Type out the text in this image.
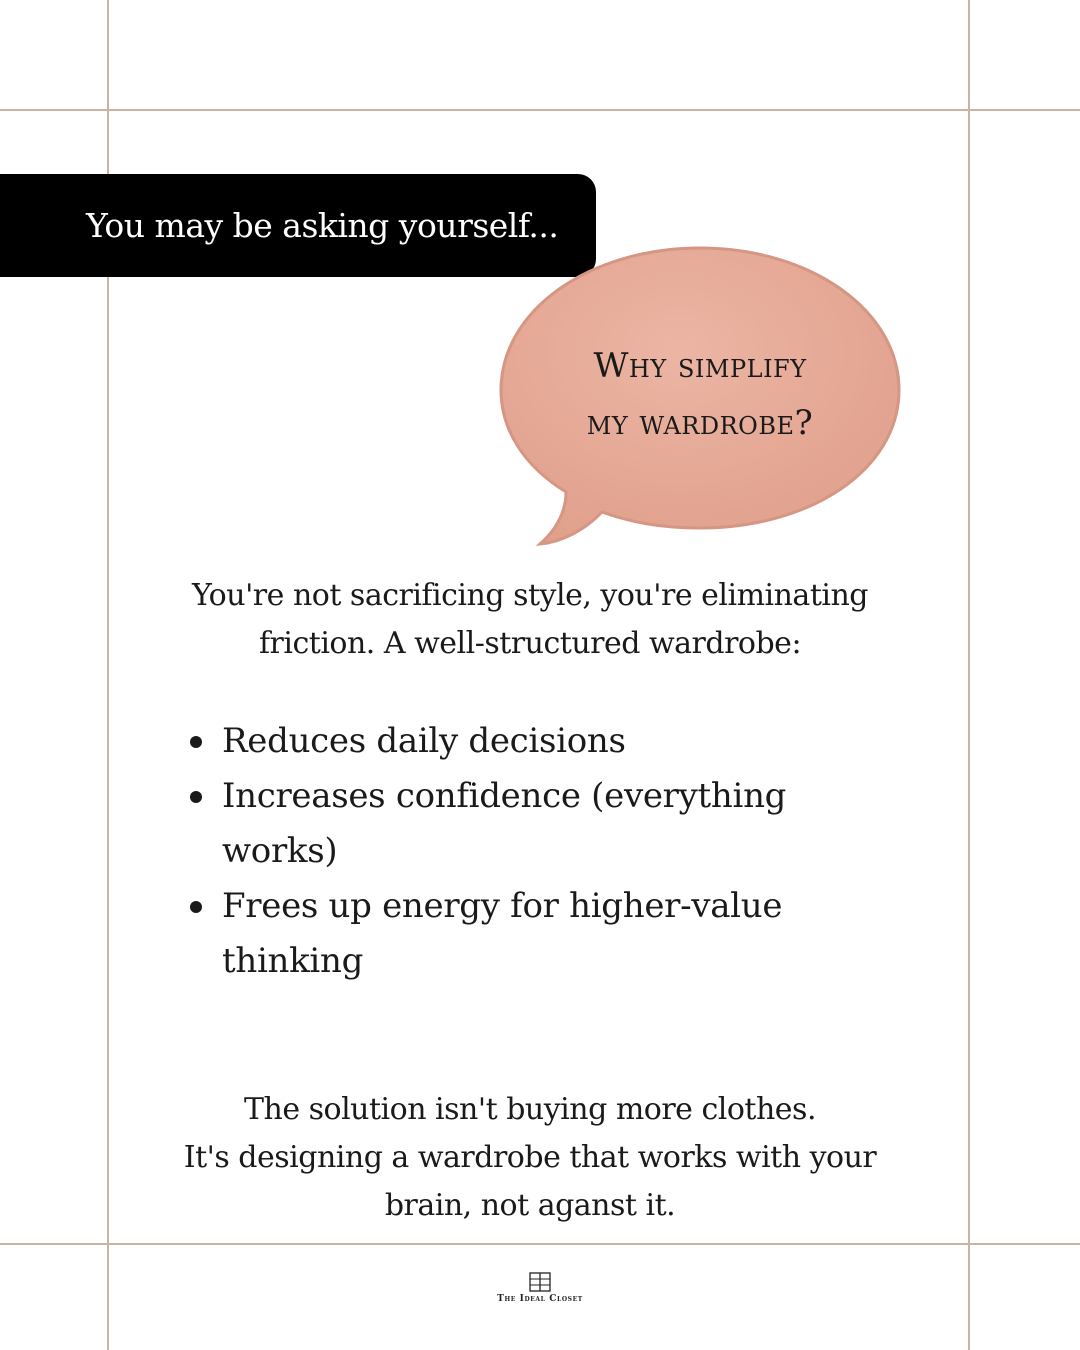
You may be asking yourself...
Why simplify
my wardrobe?
You're not sacrificing style, you're eliminating
friction. A well-structured wardrobe:
Reduces daily decisions
Increases confidence (everything
works)
Frees up energy for higher-value
thinking
The solution isn't buying more clothes.
It's designing a wardrobe that works with your
brain, not aganst it.
The Ideal Closet
